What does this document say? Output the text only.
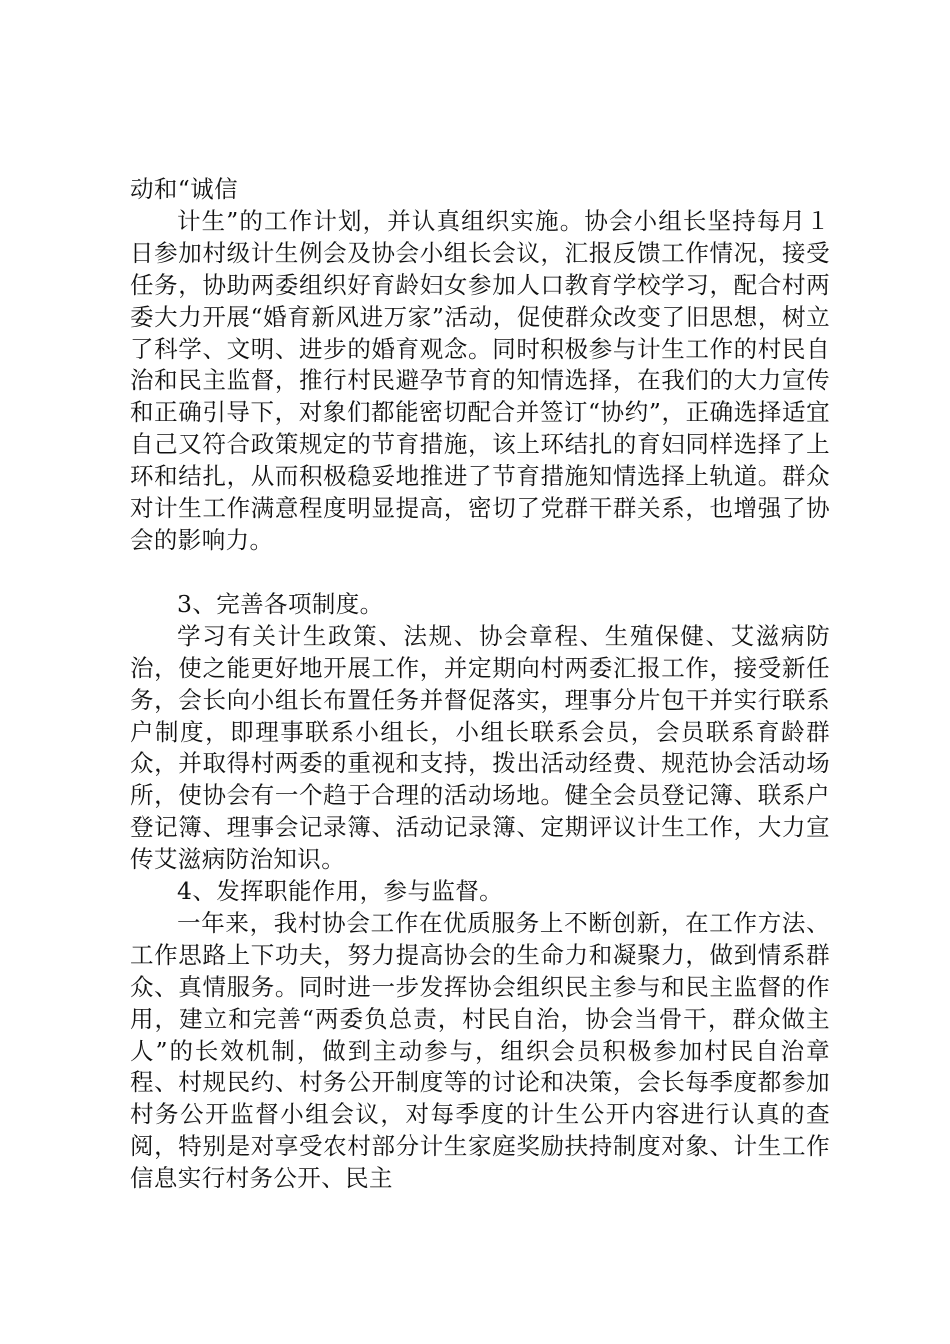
动和“诚信

计生”的工作计划，并认真组织实施。协会小组长坚持每月１日参加村级计生例会及协会小组长会议，汇报反馈工作情况，接受任务，协助两委组织好育龄妇女参加人口教育学校学习，配合村两委大力开展“婚育新风进万家”活动，促使群众改变了旧思想，树立了科学、文明、进步的婚育观念。同时积极参与计生工作的村民自治和民主监督，推行村民避孕节育的知情选择，在我们的大力宣传和正确引导下，对象们都能密切配合并签订“协约”，正确选择适宜自己又符合政策规定的节育措施，该上环结扎的育妇同样选择了上环和结扎，从而积极稳妥地推进了节育措施知情选择上轨道。群众对计生工作满意程度明显提高，密切了党群干群关系，也增强了协会的影响力。

3、完善各项制度。

学习有关计生政策、法规、协会章程、生殖保健、艾滋病防治，使之能更好地开展工作，并定期向村两委汇报工作，接受新任务，会长向小组长布置任务并督促落实，理事分片包干并实行联系户制度，即理事联系小组长，小组长联系会员，会员联系育龄群众，并取得村两委的重视和支持，拨出活动经费、规范协会活动场所，使协会有一个趋于合理的活动场地。健全会员登记簿、联系户登记簿、理事会记录簿、活动记录簿、定期评议计生工作，大力宣传艾滋病防治知识。

4、发挥职能作用，参与监督。

一年来，我村协会工作在优质服务上不断创新，在工作方法、工作思路上下功夫，努力提高协会的生命力和凝聚力，做到情系群众、真情服务。同时进一步发挥协会组织民主参与和民主监督的作用，建立和完善“两委负总责，村民自治，协会当骨干，群众做主人”的长效机制，做到主动参与，组织会员积极参加村民自治章程、村规民约、村务公开制度等的讨论和决策，会长每季度都参加村务公开监督小组会议，对每季度的计生公开内容进行认真的查阅，特别是对享受农村部分计生家庭奖励扶持制度对象、计生工作信息实行村务公开、民主
